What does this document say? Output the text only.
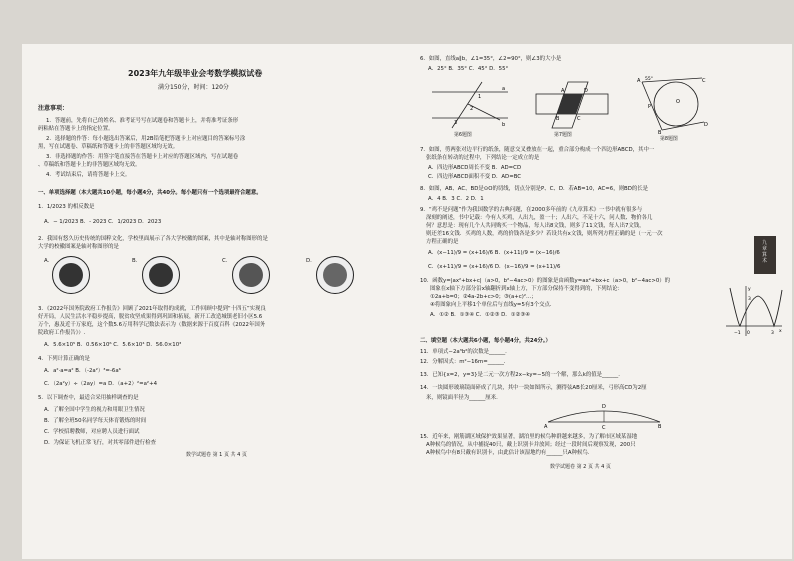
2023年九年级毕业会考数学模拟试卷
满分150分，时间：120分
注意事项：
1．答题前，先将自己的姓名、准考证号写在试题卷和答题卡上，并将准考证条形
码粘贴在答题卡上的指定位置。
2．选择题的作答：每小题选出答案后，用2B铅笔把答题卡上对应题目的答案标号涂
黑，写在试题卷、草稿纸和答题卡上的非答题区域均无效。
3．非选择题的作答：用签字笔直接答在答题卡上对应的答题区域内，写在试题卷
、草稿纸和答题卡上的非答题区域均无效。
4．考试结束后，请将答题卡上交。
一、单项选择题（本大题共10小题，每小题4分，共40分。每小题只有一个选项最符合题意。
1．1/2023 的相反数是
A．− 1/2023 B．- 2023 C．1/2023 D．2023
2．我国有悠久历史传统的国粹文化，学校里面展示了各大学校徽的图案，其中是轴对称图形的是
大学的校徽图案是轴对称图形的是
A.	B.	C.	D.
3．《2022年国务院政府工作报告》回顾了2021年取得的成就，工作回顾中提到“十四五”实现良
好开局，人民生活水平稳步提高，脱贫攻坚成果得到巩固和拓展，新开工改造城镇老旧小区5.6
万个，惠及近千万家庭，这个数5.6万用科学记数法表示为（数据来源于百度百科《2022年国务
院政府工作报告》）.
A．5.6×10⁵ B．0.56×10⁶ C．5.6×10⁴ D．56.0×10³
4．下列计算正确的是
A．a²·a=a² B．（-2a²）³=-6a⁶
C．（2a²y）÷（2ay）=a D．（a+2）²=a²+4
5．以下调查中，最适合采用抽样调查的是
A．了解全国中学生的视力和用眼卫生情况
B．了解全班50名同学每天体育锻炼的时间
C．学校招聘教师，对应聘人员进行面试
D．为保证飞机正常飞行，对其零部件进行检查
数学试题卷 第 1 页 共 4 页
6．如图，直线a∥b，∠1=35°，∠2=90°，则∠3的大小是
A．25° B．35° C．45° D．55°
a
b
1
2
3
第6题图
B
A	D
C
第7题图
A 55°
B
O
P
C
D
第8题图
7．如图，剪两张对边平行的纸条，随意交叉叠放在一起，重合部分构成一个四边形ABCD，其中一
张纸条在转动的过程中，下列结论一定成立的是
A．四边形ABCD周长不变 B．AD=CD
C．四边形ABCD面积不变 D．AD=BC
8．如图，AB、AC、BD是⊙O的切线，切点分别是P、C、D．若AB=10，AC=6，则BD的长是
A．4 B．3 C．2 D．1
9．“鸡不是问题”作为我国数学的古典问题，在2000多年前的《九章算术》一书中就有很多与
深刻的阐述，书中记载：今有人买鸡，人出九，盈一十；人出六，不足十六，问人数、物价各几
何？意思是：现有几个人共同购买一个物品，每人出8文钱，则多了11文钱，每人出7文钱，
则还差16文钱．买鸡的人数，鸡的价钱各是多少？若设共有x文钱，则所列方程正确的是（一元一次
方程正确的是
A．(x−11)/9 = (x+16)/6 B．(x+11)/9 = (x−16)/6
C．(x+11)/9 = (x+16)/6 D．(x−16)/9 = (x+11)/6
九章算术
10．函数y=|ax²+bx+c|（a>0，b²−4ac>0）的图象是由函数y=ax²+bx+c（a>0，b²−4ac>0）的
图象在x轴下方部分沿x轴翻折到x轴上方，下方部分保持不变得到的，下列结论：
①2a+b=0；②4a-2b+c>0；③(a+c)²...；
④将图象向上平移1个单位后与直线y=5有3个交点．
A．①② B．①③④ C．①②③ D．①②③④
−1 0	3 x
y
3
二、填空题（本大题共6小题，每小题4分，共24分。）
11．单项式−2a³b²的次数是______.
12．分解因式：m²−16m=______.
13．已知{x=2，y=3}是二元一次方程2x−ky=−5的一个解，那么k的值是______.
14．一块圆形玻璃镜面碎成了几块，其中一块如图所示，测得弦AB长20厘米，弓形高CD为2厘
米，则镜面半径为______厘米.
A	B
D
C
15．近年来，剐筋湖区域保护效果显著，湖泊里的候鸟种群越来越多，为了解市区域某湿地
A种候鸟的情况，从中捕捉40只，戴上识别卡并放回；经过一段时间后观察发现，200只
A种候鸟中有8只戴有识别卡，由此估计该湿地约有______只A种候鸟.
数学试题卷 第 2 页 共 4 页
